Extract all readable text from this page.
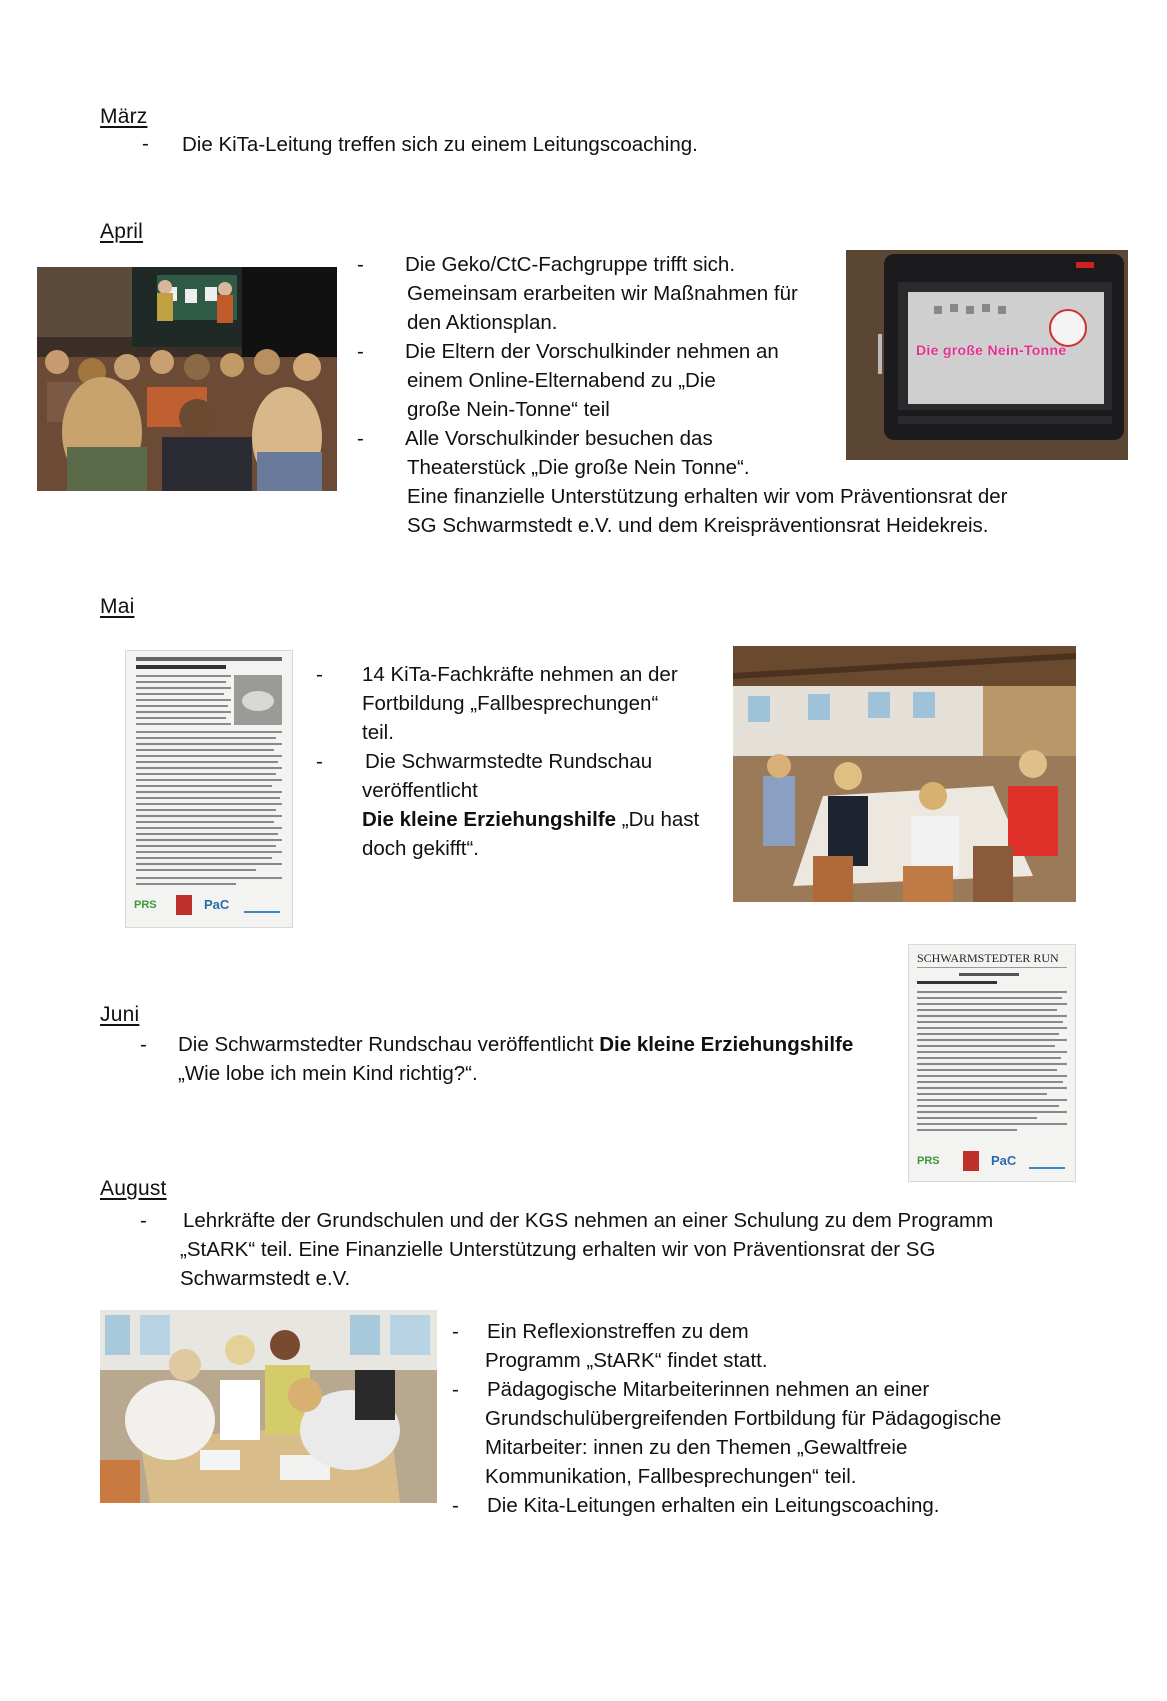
März
- Die KiTa-Leitung treffen sich zu einem Leitungscoaching.
April
- Die Geko/CtC-Fachgruppe trifft sich.
Gemeinsam erarbeiten wir Maßnahmen für
den Aktionsplan.
- Die Eltern der Vorschulkinder nehmen an
einem Online-Elternabend zu „Die
große Nein-Tonne“ teil
- Alle Vorschulkinder besuchen das
Theaterstück „Die große Nein Tonne“.
Eine finanzielle Unterstützung erhalten wir vom Präventionsrat der
SG Schwarmstedt e.V. und dem Kreispräventionsrat Heidekreis.
Die große Nein-Tonne
Mai
PRS	PaC
- 14 KiTa-Fachkräfte nehmen an der
Fortbildung „Fallbesprechungen“
teil.
- Die Schwarmstedte Rundschau
veröffentlicht
Die kleine Erziehungshilfe „Du hast
doch gekifft“.
Juni
- Die Schwarmstedter Rundschau veröffentlicht Die kleine Erziehungshilfe
„Wie lobe ich mein Kind richtig?“.
SCHWARMSTEDTER RUN
PRS	PaC
August
- Lehrkräfte der Grundschulen und der KGS nehmen an einer Schulung zu dem Programm
„StARK“ teil. Eine Finanzielle Unterstützung erhalten wir von Präventionsrat der SG
Schwarmstedt e.V.
- Ein Reflexionstreffen zu dem
Programm „StARK“ findet statt.
- Pädagogische Mitarbeiterinnen nehmen an einer
Grundschulübergreifenden Fortbildung für Pädagogische
Mitarbeiter: innen zu den Themen „Gewaltfreie
Kommunikation, Fallbesprechungen“ teil.
- Die Kita-Leitungen erhalten ein Leitungscoaching.
